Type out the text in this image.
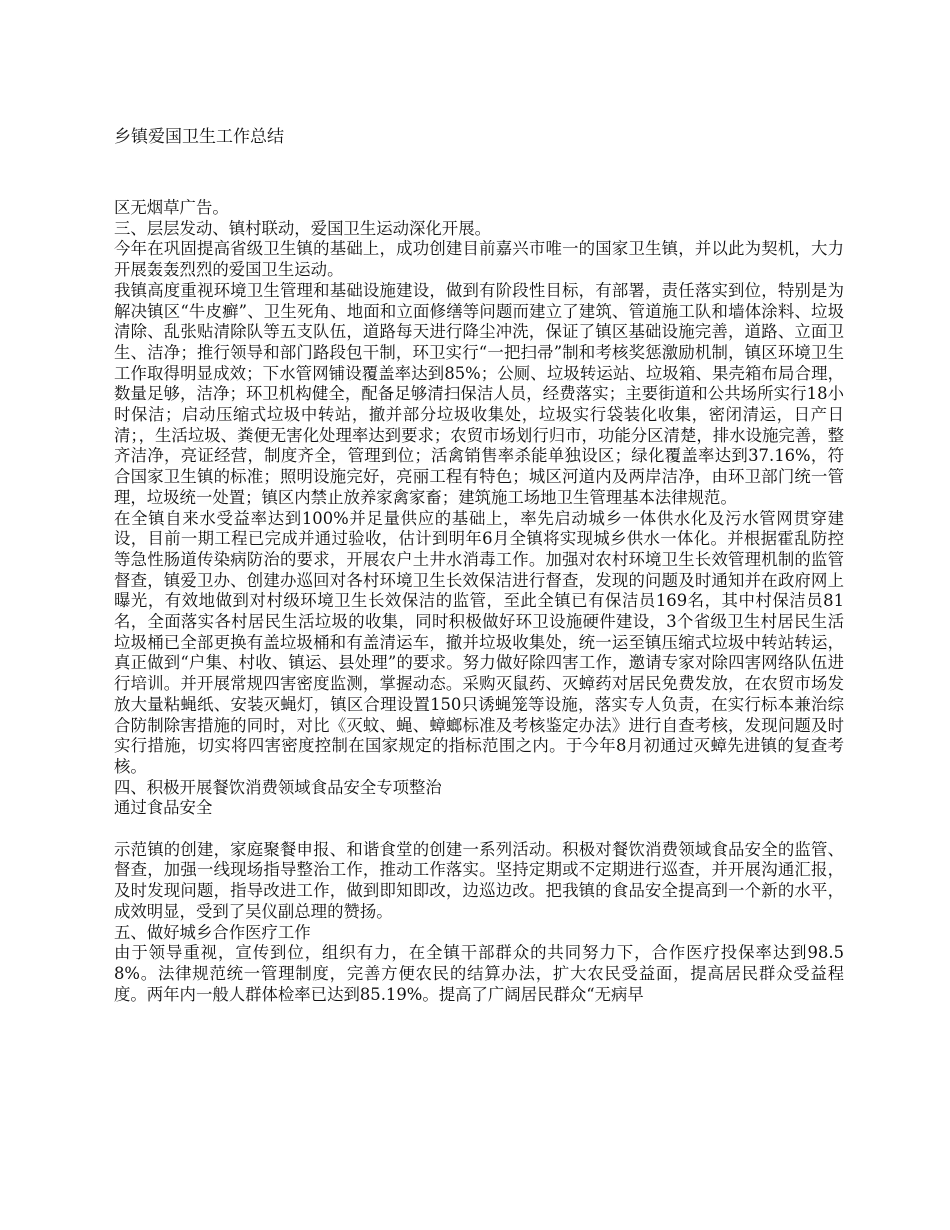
乡镇爱国卫生工作总结

区无烟草广告。

三、层层发动、镇村联动，爱国卫生运动深化开展。

今年在巩固提高省级卫生镇的基础上，成功创建目前嘉兴市唯一的国家卫生镇，并以此为契机，大力开展轰轰烈烈的爱国卫生运动。

我镇高度重视环境卫生管理和基础设施建设，做到有阶段性目标，有部署，责任落实到位，特别是为解决镇区“牛皮癣”、卫生死角、地面和立面修缮等问题而建立了建筑、管道施工队和墙体涂料、垃圾清除、乱张贴清除队等五支队伍，道路每天进行降尘冲洗，保证了镇区基础设施完善，道路、立面卫生、洁净；推行领导和部门路段包干制，环卫实行“一把扫帚”制和考核奖惩激励机制，镇区环境卫生工作取得明显成效；下水管网铺设覆盖率达到85%；公厕、垃圾转运站、垃圾箱、果壳箱布局合理，数量足够，洁净；环卫机构健全，配备足够清扫保洁人员，经费落实；主要街道和公共场所实行18小时保洁；启动压缩式垃圾中转站，撤并部分垃圾收集处，垃圾实行袋装化收集，密闭清运，日产日清；，生活垃圾、粪便无害化处理率达到要求；农贸市场划行归市，功能分区清楚，排水设施完善，整齐洁净，亮证经营，制度齐全，管理到位；活禽销售率杀能单独设区；绿化覆盖率达到37.16%，符合国家卫生镇的标准；照明设施完好，亮丽工程有特色；城区河道内及两岸洁净，由环卫部门统一管理，垃圾统一处置；镇区内禁止放养家禽家畜；建筑施工场地卫生管理基本法律规范。

在全镇自来水受益率达到100%并足量供应的基础上，率先启动城乡一体供水化及污水管网贯穿建设，目前一期工程已完成并通过验收，估计到明年6月全镇将实现城乡供水一体化。并根据霍乱防控等急性肠道传染病防治的要求，开展农户土井水消毒工作。加强对农村环境卫生长效管理机制的监管督查，镇爱卫办、创建办巡回对各村环境卫生长效保洁进行督查，发现的问题及时通知并在政府网上曝光，有效地做到对村级环境卫生长效保洁的监管，至此全镇已有保洁员169名，其中村保洁员81名，全面落实各村居民生活垃圾的收集，同时积极做好环卫设施硬件建设，3个省级卫生村居民生活垃圾桶已全部更换有盖垃圾桶和有盖清运车，撤并垃圾收集处，统一运至镇压缩式垃圾中转站转运，真正做到“户集、村收、镇运、县处理”的要求。努力做好除四害工作，邀请专家对除四害网络队伍进行培训。并开展常规四害密度监测，掌握动态。采购灭鼠药、灭蟑药对居民免费发放，在农贸市场发放大量粘蝇纸、安装灭蝇灯，镇区合理设置150只诱蝇笼等设施，落实专人负责，在实行标本兼治综合防制除害措施的同时，对比《灭蚊、蝇、蟑螂标准及考核鉴定办法》进行自查考核，发现问题及时实行措施，切实将四害密度控制在国家规定的指标范围之内。于今年8月初通过灭蟑先进镇的复查考核。

四、积极开展餐饮消费领域食品安全专项整治

通过食品安全

示范镇的创建，家庭聚餐申报、和谐食堂的创建一系列活动。积极对餐饮消费领域食品安全的监管、督查，加强一线现场指导整治工作，推动工作落实。坚持定期或不定期进行巡查，并开展沟通汇报，及时发现问题，指导改进工作，做到即知即改，边巡边改。把我镇的食品安全提高到一个新的水平，成效明显，受到了吴仪副总理的赞扬。

五、做好城乡合作医疗工作

由于领导重视，宣传到位，组织有力，在全镇干部群众的共同努力下，合作医疗投保率达到98.58%。法律规范统一管理制度，完善方便农民的结算办法，扩大农民受益面，提高居民群众受益程度。两年内一般人群体检率已达到85.19%。提高了广阔居民群众“无病早
